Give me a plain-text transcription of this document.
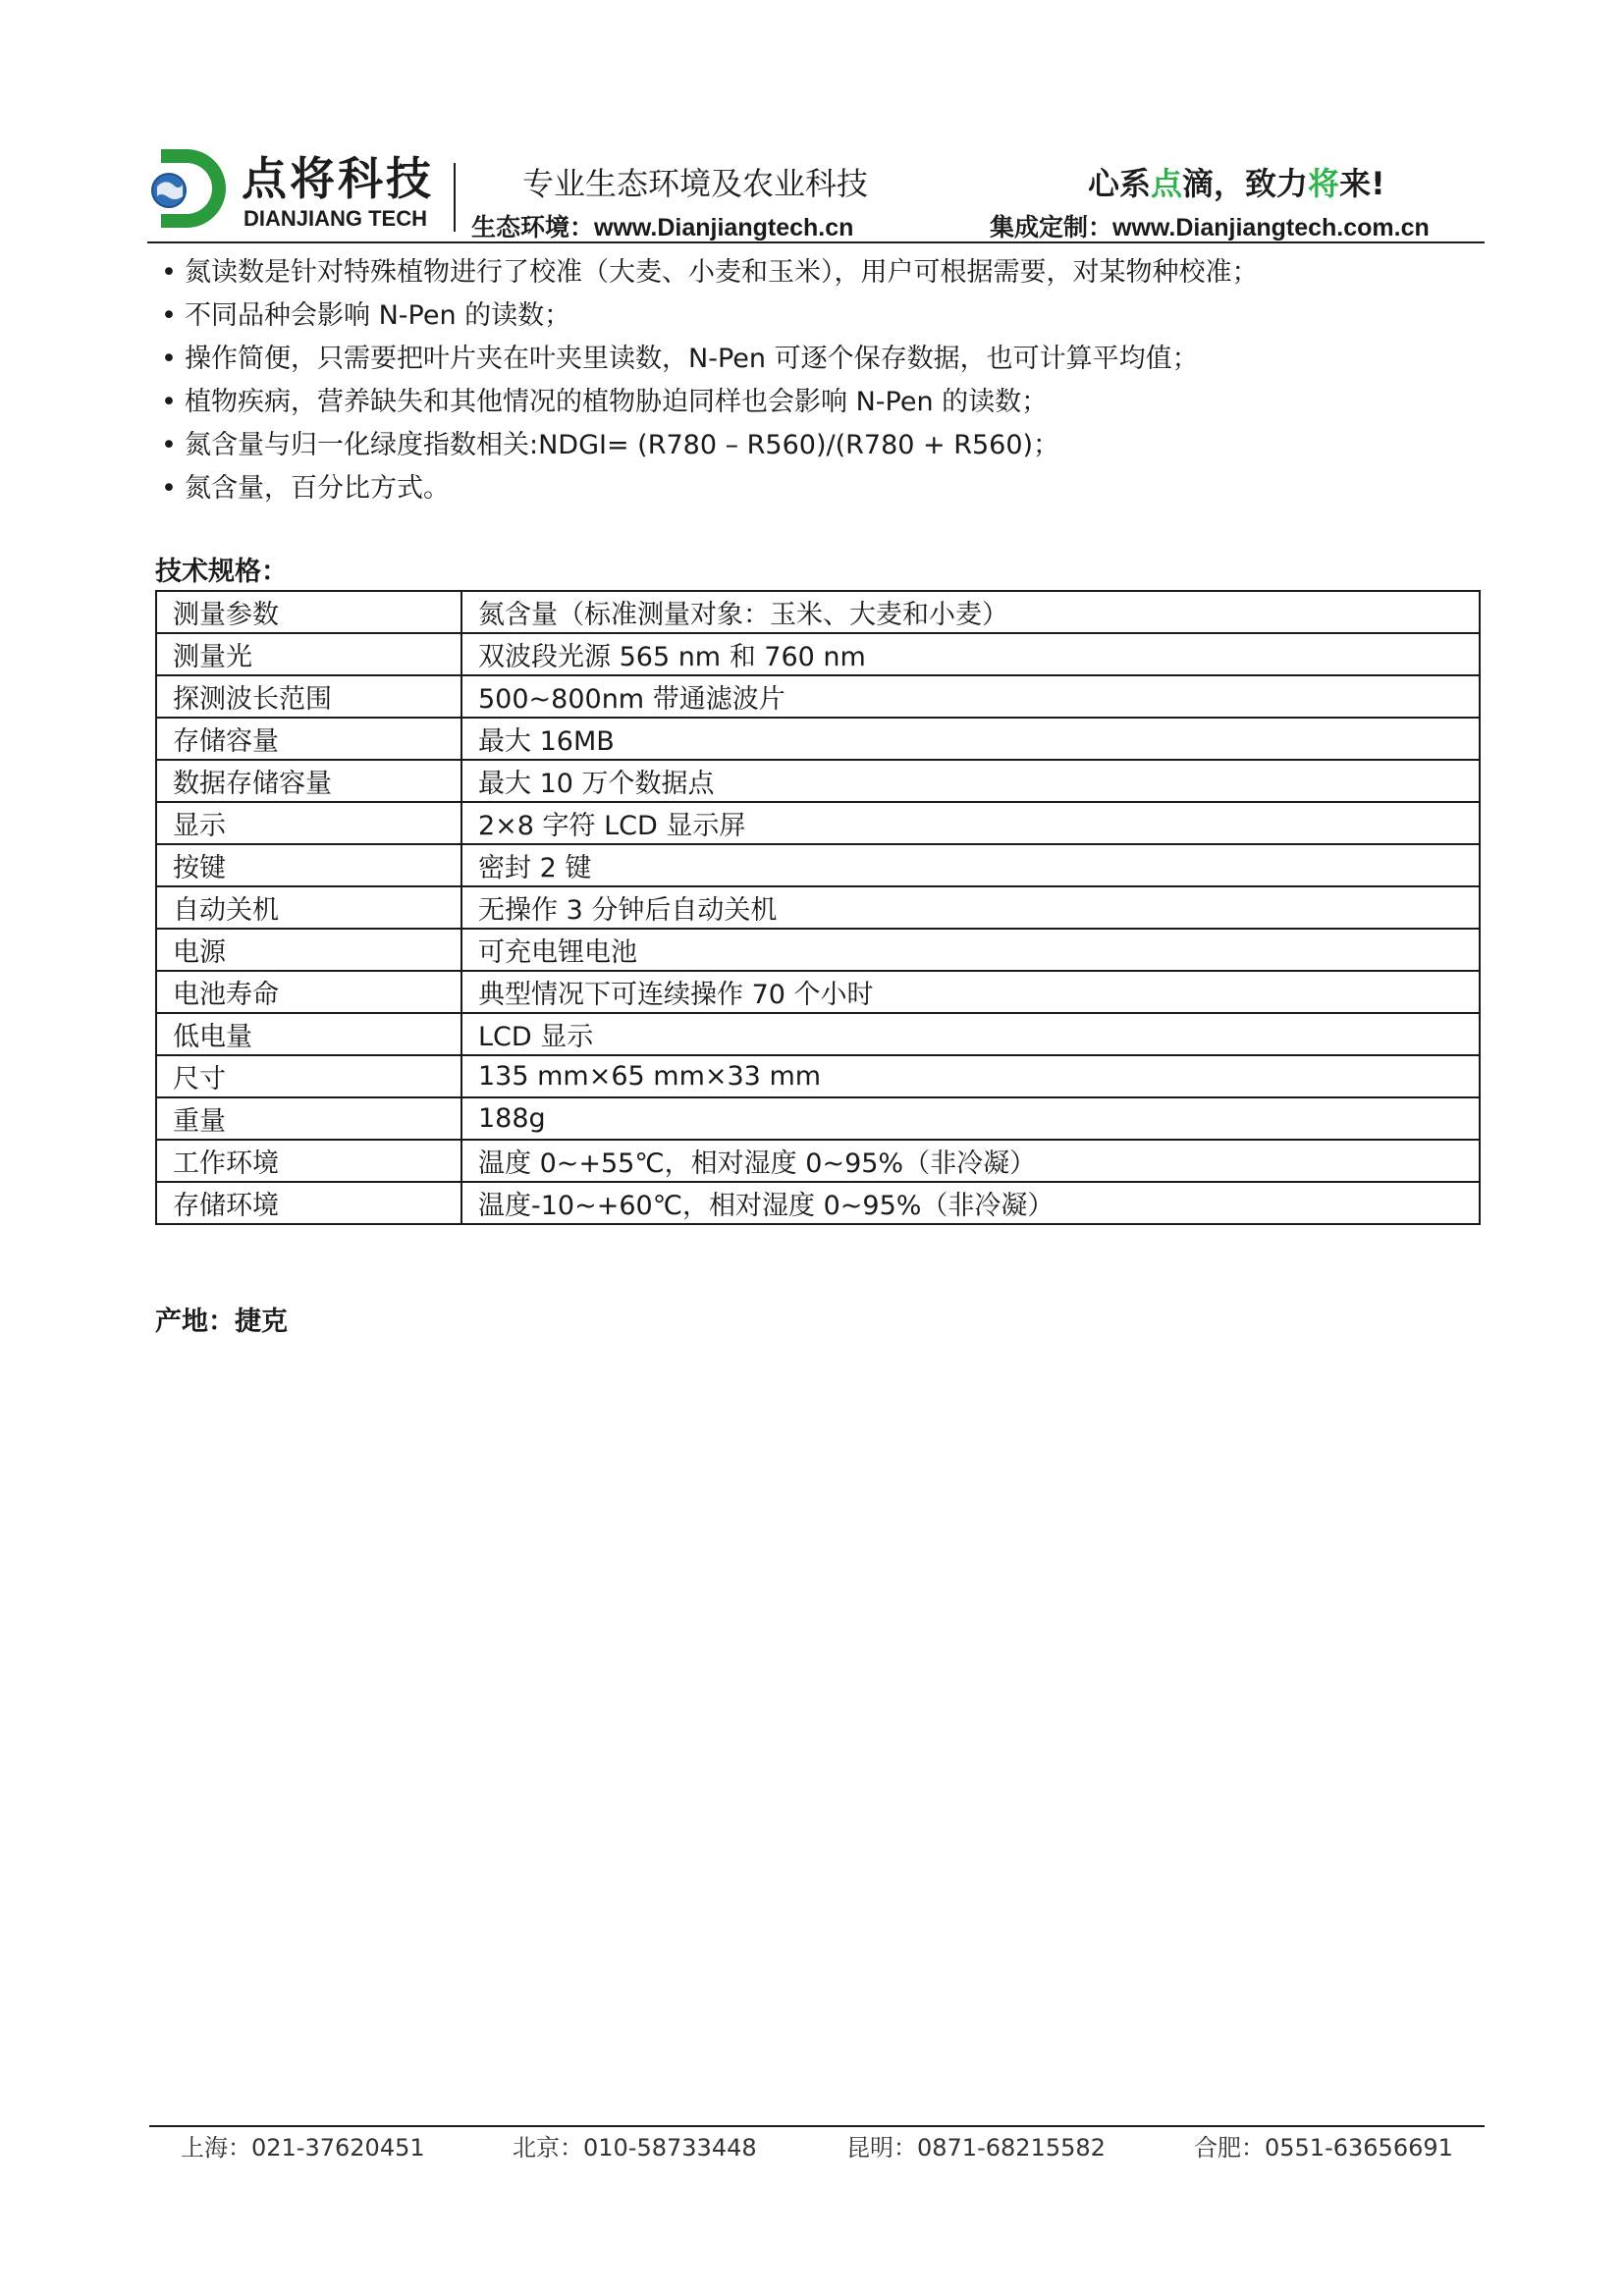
点将科技
DIANJIANG TECH
专业生态环境及农业科技	心系点滴，致力将来!
生态环境：www.Dianjiangtech.cn	集成定制：www.Dianjiangtech.com.cn
• 氮读数是针对特殊植物进行了校准（大麦、小麦和玉米），用户可根据需要，对某物种校准；
• 不同品种会影响 N-Pen 的读数；
• 操作简便，只需要把叶片夹在叶夹里读数，N-Pen 可逐个保存数据，也可计算平均值；
• 植物疾病，营养缺失和其他情况的植物胁迫同样也会影响 N-Pen 的读数；
• 氮含量与归一化绿度指数相关:NDGI= (R780 – R560)/(R780 + R560)；
• 氮含量，百分比方式。
技术规格：
测量参数	氮含量（标准测量对象：玉米、大麦和小麦）
测量光	双波段光源 565 nm 和 760 nm
探测波长范围	500~800nm 带通滤波片
存储容量	最大 16MB
数据存储容量	最大 10 万个数据点
显示	2×8 字符 LCD 显示屏
按键	密封 2 键
自动关机	无操作 3 分钟后自动关机
电源	可充电锂电池
电池寿命	典型情况下可连续操作 70 个小时
低电量	LCD 显示
尺寸	135 mm×65 mm×33 mm
重量	188g
工作环境	温度 0~+55℃，相对湿度 0~95%（非冷凝）
存储环境	温度-10~+60℃，相对湿度 0~95%（非冷凝）
产地：捷克
上海：021-37620451	北京：010-58733448	昆明：0871-68215582	合肥：0551-63656691
